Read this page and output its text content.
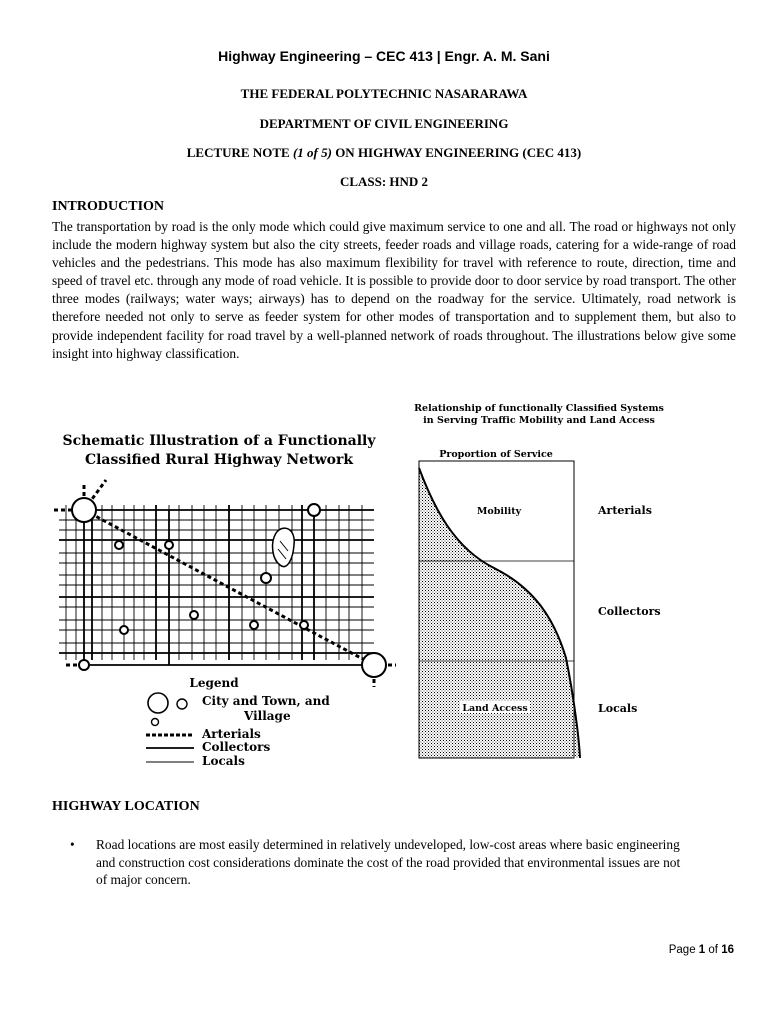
Highway Engineering – CEC 413 | Engr. A. M. Sani
THE FEDERAL POLYTECHNIC NASARARAWA
DEPARTMENT OF CIVIL ENGINEERING
LECTURE NOTE (1 of 5) ON HIGHWAY ENGINEERING (CEC 413)
CLASS: HND 2
INTRODUCTION
The transportation by road is the only mode which could give maximum service to one and all. The road or highways not only include the modern highway system but also the city streets, feeder roads and village roads, catering for a wide-range of road vehicles and the pedestrians. This mode has also maximum flexibility for travel with reference to route, direction, time and speed of travel etc. through any mode of road vehicle. It is possible to provide door to door service by road transport. The other three modes (railways; water ways; airways) has to depend on the roadway for the service. Ultimately, road network is therefore needed not only to serve as feeder system for other modes of transportation and to supplement them, but also to provide independent facility for road travel by a well-planned network of roads throughout. The illustrations below give some insight into highway classification.
Schematic Illustration of a Functionally
Classified Rural Highway Network
Legend
City and Town, and
Village
Arterials
Collectors
Locals
Relationship of functionally Classified Systems
in Serving Traffic Mobility and Land Access
Proportion of Service
Mobility
Land Access
Arterials
Collectors
Locals
HIGHWAY LOCATION
• Road locations are most easily determined in relatively undeveloped, low-cost areas where basic engineering and construction cost considerations dominate the cost of the road provided that environmental issues are not of major concern.
Page 1 of 16
